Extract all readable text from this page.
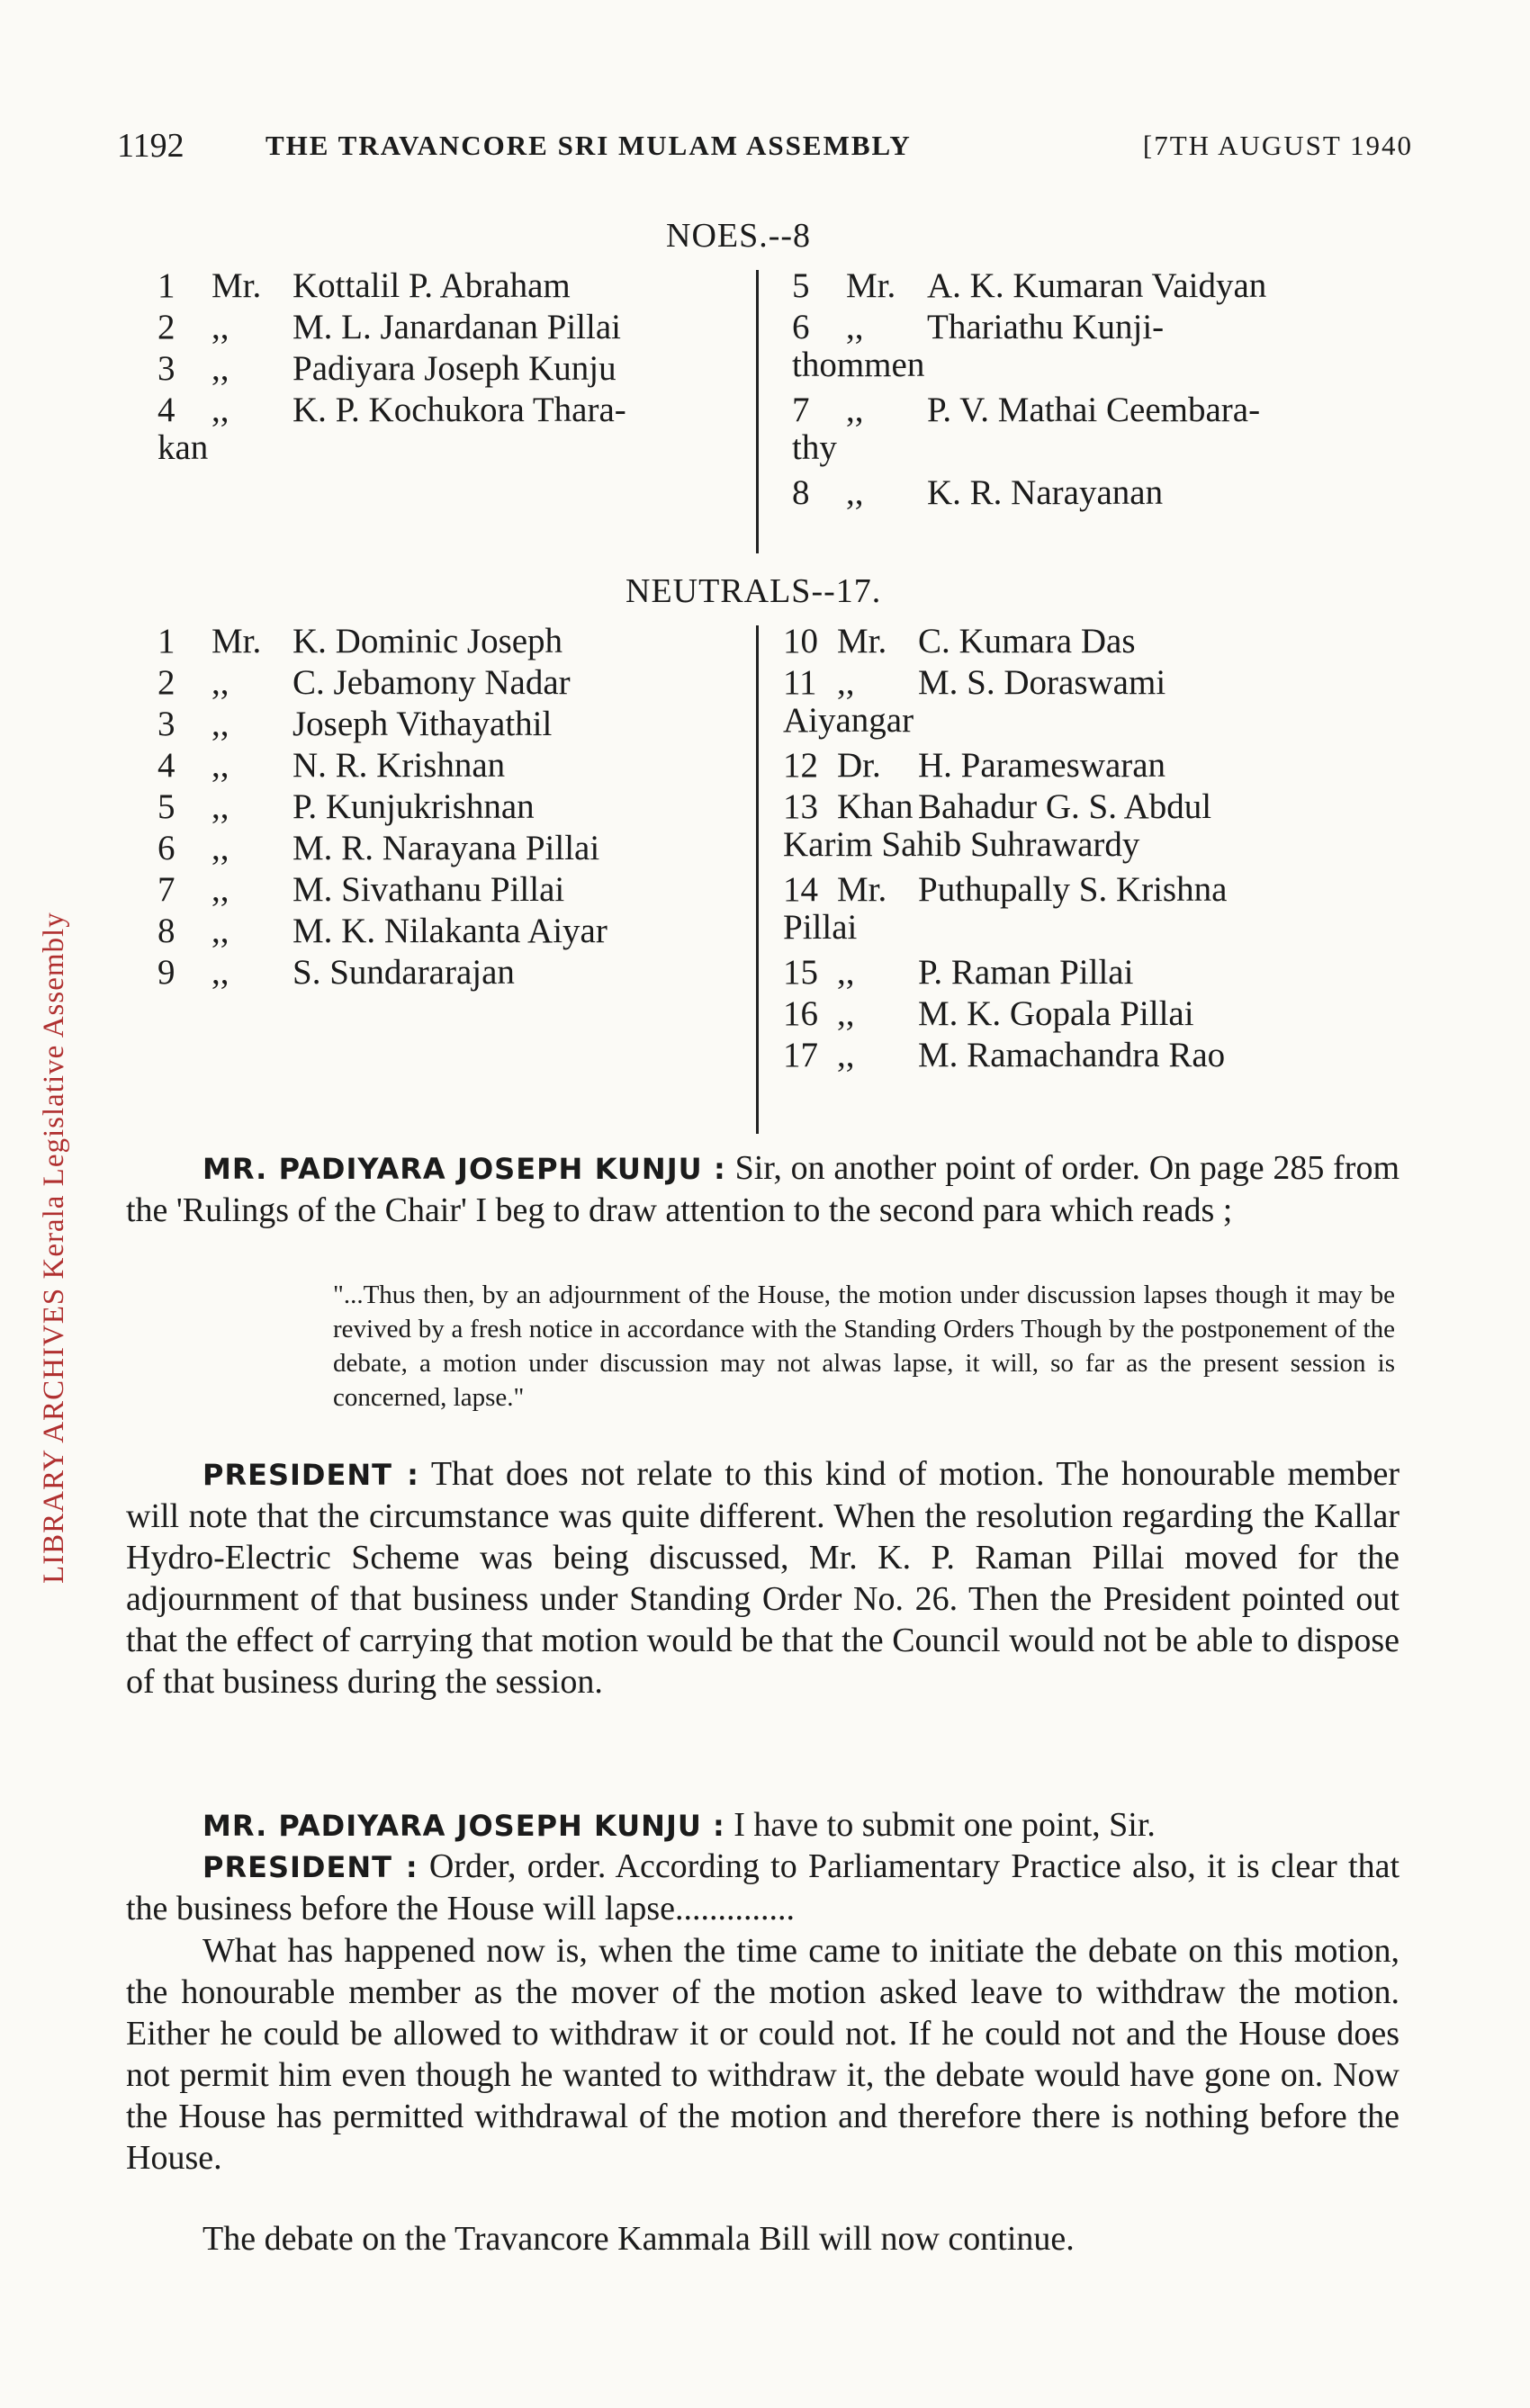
LIBRARY ARCHIVES Kerala Legislative Assembly
1192	THE TRAVANCORE SRI MULAM ASSEMBLY	[7TH AUGUST 1940
NOES.--8
1	Mr. Kottalil P. Abraham
2	,,	M. L. Janardanan Pillai
3	,,	Padiyara Joseph Kunju
4	,,	K. P. Kochukora Thara-
kan
5	Mr. A. K. Kumaran Vaidyan
6	,,	Thariathu Kunji-
thommen
7	,,	P. V. Mathai Ceembara-
thy
8	,,	K. R. Narayanan
NEUTRALS--17.
1	Mr. K. Dominic Joseph
2	,,	C. Jebamony Nadar
3	,,	Joseph Vithayathil
4	,,	N. R. Krishnan
5	,,	P. Kunjukrishnan
6	,,	M. R. Narayana Pillai
7	,,	M. Sivathanu Pillai
8	,,	M. K. Nilakanta Aiyar
9	,,	S. Sundararajan
10 Mr. C. Kumara Das
11 ,,	M. S. Doraswami
Aiyangar
12 Dr.	H. Parameswaran
13 Khan Bahadur G. S. Abdul
Karim Sahib Suhrawardy
14 Mr. Puthupally S. Krishna
Pillai
15 ,,	P. Raman Pillai
16 ,,	M. K. Gopala Pillai
17 ,,	M. Ramachandra Rao
MR. PADIYARA JOSEPH KUNJU : Sir, on another point of order. On page 285 from the 'Rulings of the Chair' I beg to draw attention to the second para which reads ;
"...Thus then, by an adjournment of the House, the motion under discussion lapses though it may be revived by a fresh notice in accordance with the Standing Orders Though by the postponement of the debate, a motion under discussion may not alwas lapse, it will, so far as the present session is concerned, lapse."
PRESIDENT : That does not relate to this kind of motion. The honourable member will note that the circumstance was quite different. When the resolution regarding the Kallar Hydro-Electric Scheme was being discussed, Mr. K. P. Raman Pillai moved for the adjournment of that business under Standing Order No. 26. Then the President pointed out that the effect of carrying that motion would be that the Council would not be able to dispose of that business during the session.
MR. PADIYARA JOSEPH KUNJU : I have to submit one point, Sir.
PRESIDENT : Order, order. According to Parliamentary Practice also, it is clear that the business before the House will lapse..............
What has happened now is, when the time came to initiate the debate on this motion, the honourable member as the mover of the motion asked leave to withdraw the motion. Either he could be allowed to withdraw it or could not. If he could not and the House does not permit him even though he wanted to withdraw it, the debate would have gone on. Now the House has permitted withdrawal of the motion and therefore there is nothing before the House.
The debate on the Travancore Kammala Bill will now continue.
